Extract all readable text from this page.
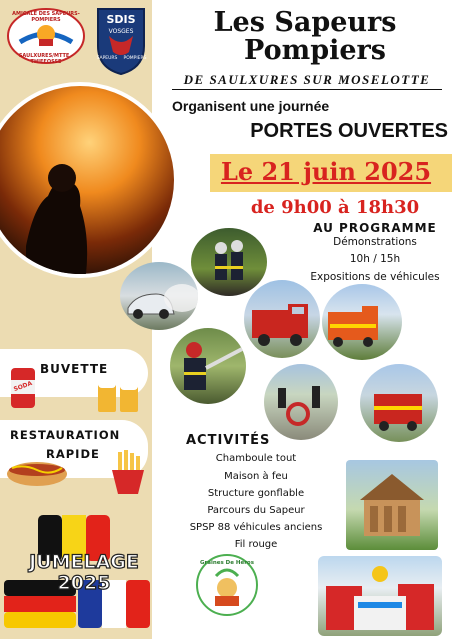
AMICALE DES SAPEURS-POMPIERS
SAULXURES/MTTE - THIEFOSSE
SDIS
VOSGES
SAPEURS	POMPIERS
Les Sapeurs
Pompiers
DE SAULXURES SUR MOSELOTTE
Organisent une journée
PORTES OUVERTES
Le 21 juin 2025
de 9h00 à 18h30
AU PROGRAMME
Démonstrations
10h / 15h
Expositions de véhicules
BUVETTE
SODA
RESTAURATION
RAPIDE
JUMELAGE
2025
ACTIVITÉS
Chamboule tout
Maison à feu
Structure gonflable
Parcours du Sapeur
SPSP 88 véhicules anciens
Fil rouge
Graines De Héros
